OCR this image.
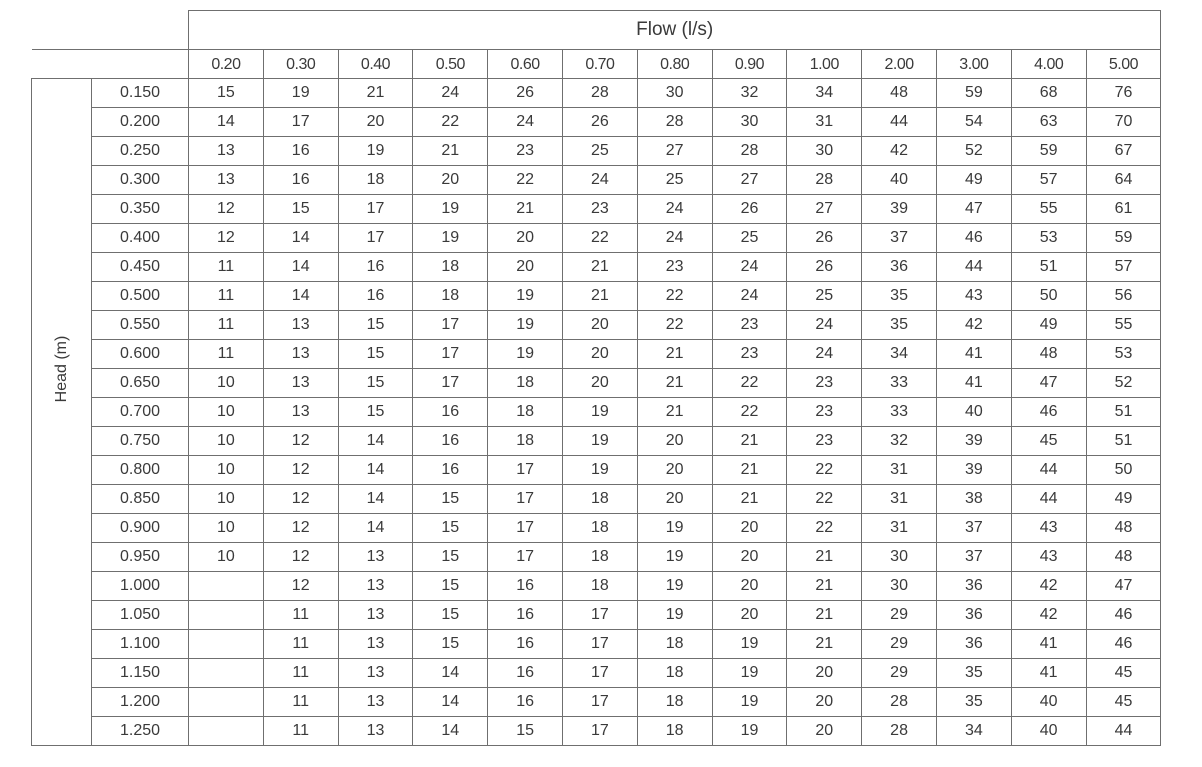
		Flow (l/s)												
		0.20	0.30	0.40	0.50	0.60	0.70	0.80	0.90	1.00	2.00	3.00	4.00	5.00

Head (m)	0.150	15	19	21	24	26	28	30	32	34	48	59	68	76
	0.200	14	17	20	22	24	26	28	30	31	44	54	63	70
	0.250	13	16	19	21	23	25	27	28	30	42	52	59	67
	0.300	13	16	18	20	22	24	25	27	28	40	49	57	64
	0.350	12	15	17	19	21	23	24	26	27	39	47	55	61
	0.400	12	14	17	19	20	22	24	25	26	37	46	53	59
	0.450	11	14	16	18	20	21	23	24	26	36	44	51	57
	0.500	11	14	16	18	19	21	22	24	25	35	43	50	56
	0.550	11	13	15	17	19	20	22	23	24	35	42	49	55
	0.600	11	13	15	17	19	20	21	23	24	34	41	48	53
	0.650	10	13	15	17	18	20	21	22	23	33	41	47	52
	0.700	10	13	15	16	18	19	21	22	23	33	40	46	51
	0.750	10	12	14	16	18	19	20	21	23	32	39	45	51
	0.800	10	12	14	16	17	19	20	21	22	31	39	44	50
	0.850	10	12	14	15	17	18	20	21	22	31	38	44	49
	0.900	10	12	14	15	17	18	19	20	22	31	37	43	48
	0.950	10	12	13	15	17	18	19	20	21	30	37	43	48
	1.000		12	13	15	16	18	19	20	21	30	36	42	47
	1.050		11	13	15	16	17	19	20	21	29	36	42	46
	1.100		11	13	15	16	17	18	19	21	29	36	41	46
	1.150		11	13	14	16	17	18	19	20	29	35	41	45
	1.200		11	13	14	16	17	18	19	20	28	35	40	45
	1.250		11	13	14	15	17	18	19	20	28	34	40	44
